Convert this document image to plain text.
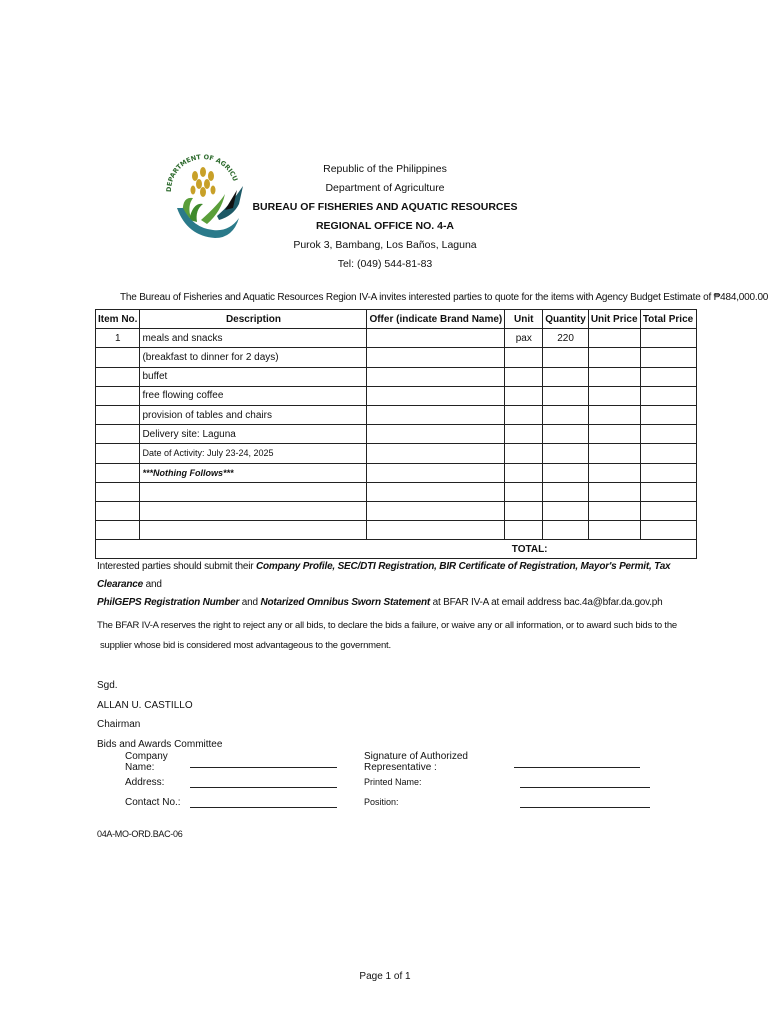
DEPARTMENT OF AGRICU
Republic of the Philippines
Department of Agriculture
BUREAU OF FISHERIES AND AQUATIC RESOURCES
REGIONAL OFFICE NO. 4-A
Purok 3, Bambang, Los Baños, Laguna
Tel: (049) 544-81-83
The Bureau of Fisheries and Aquatic Resources Region IV-A invites interested parties to quote for the items with Agency Budget Estimate of ₱484,000.00
Item No.	Description	Offer (indicate Brand Name)	Unit	Quantity	Unit Price	Total Price
1	meals and snacks		pax	220		
	(breakfast to dinner for 2 days)					
	buffet					
	free flowing coffee					
	provision of tables and chairs					
	Delivery site: Laguna					
	Date of Activity: July 23-24, 2025					
	***Nothing Follows***					

TOTAL:						
Interested parties should submit their Company Profile, SEC/DTI Registration, BIR Certificate of Registration, Mayor's Permit, Tax Clearance and
PhilGEPS Registration Number and Notarized Omnibus Sworn Statement at BFAR IV-A at email address bac.4a@bfar.da.gov.ph
The BFAR IV-A reserves the right to reject any or all bids, to declare the bids a failure, or waive any or all information, or to award such bids to the
supplier whose bid is considered most advantageous to the government.
Sgd.
ALLAN U. CASTILLO
Chairman
Bids and Awards Committee
Company Name:
Address:
Contact No.:
Signature of Authorized Representative :
Printed Name:
Position:
04A-MO-ORD.BAC-06
Page 1 of 1
